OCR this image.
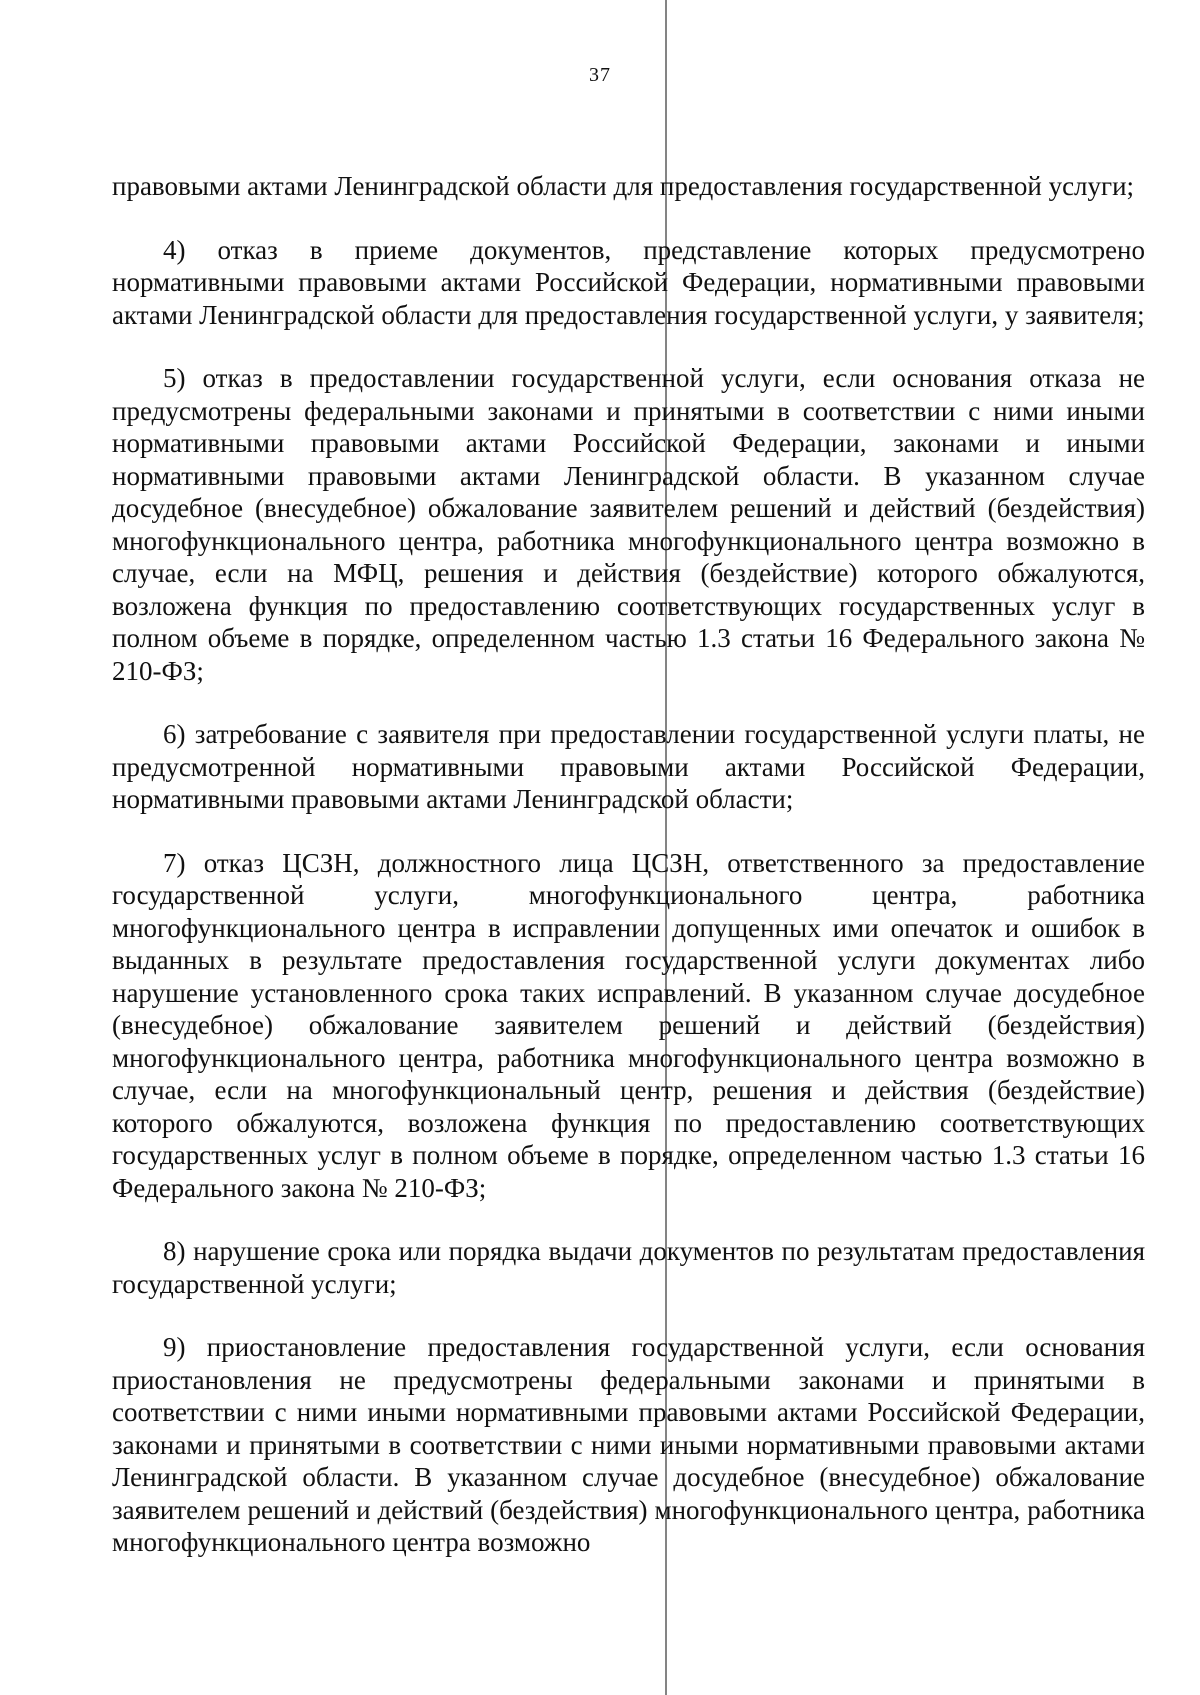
37

правовыми актами Ленинградской области для предоставления государственной услуги;

4) отказ в приеме документов, представление которых предусмотрено нормативными правовыми актами Российской Федерации, нормативными правовыми актами Ленинградской области для предоставления государственной услуги, у заявителя;

5) отказ в предоставлении государственной услуги, если основания отказа не предусмотрены федеральными законами и принятыми в соответствии с ними иными нормативными правовыми актами Российской Федерации, законами и иными нормативными правовыми актами Ленинградской области. В указанном случае досудебное (внесудебное) обжалование заявителем решений и действий (бездействия) многофункционального центра, работника многофункционального центра возможно в случае, если на МФЦ, решения и действия (бездействие) которого обжалуются, возложена функция по предоставлению соответствующих государственных услуг в полном объеме в порядке, определенном частью 1.3 статьи 16 Федерального закона № 210-ФЗ;

6) затребование с заявителя при предоставлении государственной услуги платы, не предусмотренной нормативными правовыми актами Российской Федерации, нормативными правовыми актами Ленинградской области;

7) отказ ЦСЗН, должностного лица ЦСЗН, ответственного за предоставление государственной услуги, многофункционального центра, работника многофункционального центра в исправлении допущенных ими опечаток и ошибок в выданных в результате предоставления государственной услуги документах либо нарушение установленного срока таких исправлений. В указанном случае досудебное (внесудебное) обжалование заявителем решений и действий (бездействия) многофункционального центра, работника многофункционального центра возможно в случае, если на многофункциональный центр, решения и действия (бездействие) которого обжалуются, возложена функция по предоставлению соответствующих государственных услуг в полном объеме в порядке, определенном частью 1.3 статьи 16 Федерального закона № 210-ФЗ;

8) нарушение срока или порядка выдачи документов по результатам предоставления государственной услуги;

9) приостановление предоставления государственной услуги, если основания приостановления не предусмотрены федеральными законами и принятыми в соответствии с ними иными нормативными правовыми актами Российской Федерации, законами и принятыми в соответствии с ними иными нормативными правовыми актами Ленинградской области. В указанном случае досудебное (внесудебное) обжалование заявителем решений и действий (бездействия) многофункционального центра, работника многофункционального центра возможно
